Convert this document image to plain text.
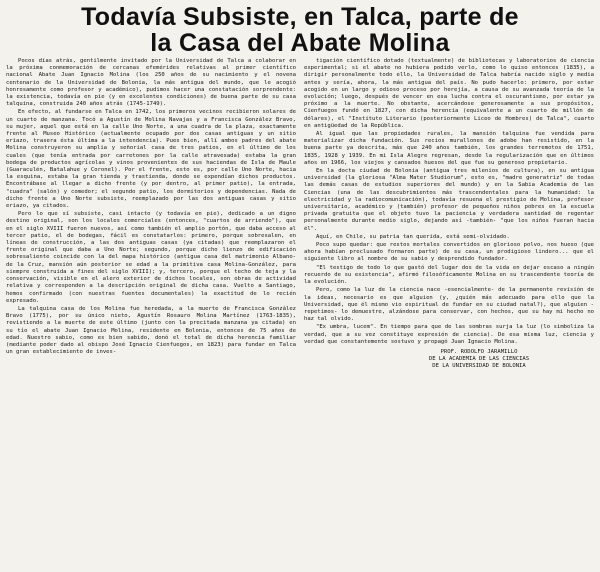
Todavía Subsiste, en Talca, parte de
la Casa del Abate Molina

Pocos días atrás, gentilmente invitado por la Universidad de Talca a colaborar en la próxima conmemoración de cercanas efemérides relativas al primer científico nacional Abate Juan Ignacio Molina (los 250 años de su nacimiento y el novena centenario de la Universidad de Bolonia, la más antigua del mundo, que le acogió honrosamente como profesor y académico), pudimos hacer una constatación sorprendente: la existencia, todavía en pie (y en excelentes condiciones) de buena parte de su casa talquina, construida 240 años atrás (1745-1749).

En efecto, al fundarse en Talca en 1742, los primeros vecinos recibieron solares de un cuarto de manzana. Tocó a Agustín de Molina Navajas y a Francisca González Bravo, su mujer, aquel que está en la calle Uno Norte, a una cuadra de la plaza, exactamente frente al Museo Histórico (actualmente ocupado por dos casas antiguas y un sitio eriazo, trasera ésta última a la intendencia). Pues bien, allí ambos padres del abate Molina construyeron su amplia y señorial casa de tres patios, en el último de los cuales (que tenía entrada por carretones por la calle atravesada) estaba la gran bodega de productos agrícolas y vinos provenientes de sus haciendas de Isla de Maule (Guaraculén, Batalahue y Coronel). Por el frente, esto es, por calle Uno Norte, hacia la esquina, estaba la gran tienda y trastienda, donde se expendían dichos productos. Encontrábase al llegar a dicho frente (y por dentro, al primer patio), la entrada, "cuadra" (salón) y comedor; el segundo patio, los dormitorios y dependencias. Nada de dicho frente a Uno Norte subsiste, reemplazado por las dos antiguas casas y sitio eriazo, ya citados.

Pero lo que sí subsiste, casi intacto (y todavía en pie), dedicado a un digno destino original, son los locales comerciales (entonces, "cuartos de arriendo"), que en el siglo XVIII fueron nuevos, así como también el amplio portón, que daba acceso al tercer patio, el de bodegas, fácil es constatarlos: primero, porque sobresalen, en líneas de construcción, a las dos antiguas casas (ya citadas) que reemplazaron el frente original que daba a Uno Norte; segundo, porque dicho lienzo de edificación sobresaliente coincide con la del mapa histórico (antigua casa del matrimonio Albano-de la Cruz, mansión aún posterior se edad a la primitiva casa Molina-González, para siempre construida a fines del siglo XVIII); y, tercero, porque el techo de teja y la conservación, visible en el alero exterior de dichos locales, son obras de actividad relativa y corresponden a la descripción original de dicha casa. Vuelto a Santiago, hemos confirmado (con nuestras fuentes documentales) la exactitud de lo recién expresado.

La talquina casa de los Molina fue heredada, a la muerte de Francisca González Bravo (1775), por su único nieto, Agustín Rosauro Molina Martínez (1763-1835), revistiendo a la muerte de este último (junto con la precitada manzana ya citada) en su tío el abate Juan Ignacio Molina, residente en Bolonia, entonces de 75 años de edad. Nuestro sabio, como es bien sabido, donó el total de dicha herencia familiar (mediante poder dado al obispo José Ignacio Cienfuegos, en 1823) para fundar en Talca un gran establecimiento de inves-

tigación científico dotado (textualmente) de bibliotecas y laboratorios de ciencia experimental; si el abate no hubiera podido verlo, como lo quiso entonces (1835), a dirigir personalmente todo ello, la Universidad de Talca habría nacido siglo y media antes y sería, ahora, la más antigua del país. No pudo hacerlo: primero, por estar acogido en un largo y odioso proceso por herejía, a causa de su avanzada teoría de la evolución; luego, después de vencer en esa lucha contra el oscurantismo, por estar ya próximo a la muerte. No obstante, acercándose generosamente a sus propósitos, Cienfuegos fundó en 1827, con dicha herencia (equivalente a un cuarto de millón de dólares), el "Instituto Literario (posteriormente Liceo de Hombres) de Talca", cuarto en antigüedad de la República.

Al igual que las propiedades rurales, la mansión talquina fue vendida para materializar dicha fundación. Sus recios murallones de adobe han resistido, en la buena parte ya descrita, más que 240 años también, los grandes terremotos de 1751, 1835, 1928 y 1939. En mi Isla Alegre regresan, desde la regularización que en últimos años en 1966, los viejos y cansados huesos del que fue su generoso propietario.

En la docta ciudad de Bolonia (antigua tres milenios de cultura), en su antigua universidad (la gloriosa "Alma Mater Studiorum", esto es, "madre generatriz" de todas las demás casas de estudios superiores del mundo) y en la Sabia Academia de las Ciencias (una de las descubrimientos más trascendentales para la humanidad: la electricidad y la radiocomunicación), todavía resuena el prestigio de Molina, profesor universitario, académico y (también) profesor de pequeños niños pobres en la escuela privada gratuita que el objeto tuvo la paciencia y verdadera santidad de regentar personalmente durante medio siglo, dejando así -también- "que los niños fueran hacia él".

Aquí, en Chile, su patria tan querida, está semi-olvidado.

Poco supo quedar: que restos mortales convertidos en glorioso polvo, nos hueso (que ahora habían preclusado formaron parte) de su casa, un prodigioso lindero... que el siguiente libro al nombre de su sabio y desprendido fundador.

"El testigo de todo lo que gastó del lugar dos de la vida en dejar escaso a ningún recuerdo de su existencia", afirmó filosóficamente Molina en su trascendente teoría de la evolución.

Pero, como la luz de la ciencia nace -esencialmente- de la permanente revisión de la ideas, necesario es que alguien (y, ¿quién más adecuado para ello que la Universidad, que él mismo vio espiritual de fundar en su ciudad natal?), que alguien -repetimos- lo demuestre, alzándose para conservar, con hechos, que su hay mi hecho no haz tal olvido.

"Ex umbra, lucem". En tiempo para que de las sombras surja la luz (lo simboliza la verdad, que a su vez constituye expresión de ciencia). De esa misma luz, ciencia y verdad que constantemente sostuvo y propagó Juan Ignacio Molina.

PROF. RODOLFO JARAMILLO
DE LA ACADEMIA DE LAS CIENCIAS
DE LA UNIVERSIDAD DE BOLONIA
